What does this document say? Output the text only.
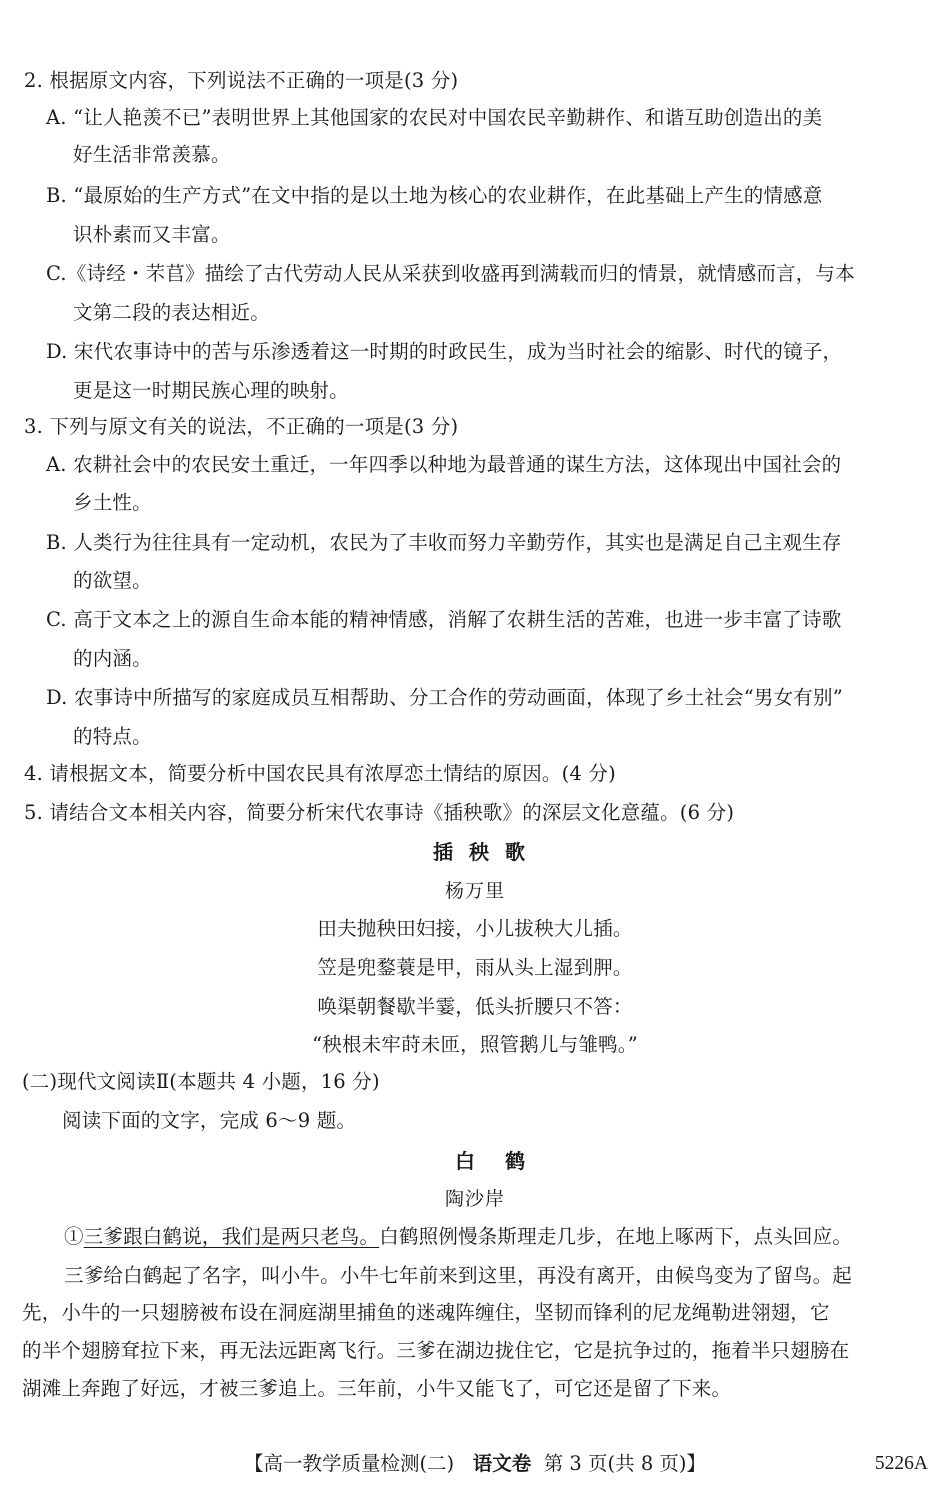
2. 根据原文内容，下列说法不正确的一项是(3 分)
A. “让人艳羡不已”表明世界上其他国家的农民对中国农民辛勤耕作、和谐互助创造出的美
好生活非常羡慕。
B. “最原始的生产方式”在文中指的是以土地为核心的农业耕作，在此基础上产生的情感意
识朴素而又丰富。
C.《诗经・芣苢》描绘了古代劳动人民从采获到收盛再到满载而归的情景，就情感而言，与本
文第二段的表达相近。
D. 宋代农事诗中的苦与乐渗透着这一时期的时政民生，成为当时社会的缩影、时代的镜子，
更是这一时期民族心理的映射。
3. 下列与原文有关的说法，不正确的一项是(3 分)
A. 农耕社会中的农民安土重迁，一年四季以种地为最普通的谋生方法，这体现出中国社会的
乡土性。
B. 人类行为往往具有一定动机，农民为了丰收而努力辛勤劳作，其实也是满足自己主观生存
的欲望。
C. 高于文本之上的源自生命本能的精神情感，消解了农耕生活的苦难，也进一步丰富了诗歌
的内涵。
D. 农事诗中所描写的家庭成员互相帮助、分工合作的劳动画面，体现了乡土社会“男女有别”
的特点。
4. 请根据文本，简要分析中国农民具有浓厚恋土情结的原因。(4 分)
5. 请结合文本相关内容，简要分析宋代农事诗《插秧歌》的深层文化意蕴。(6 分)
插秧歌
杨万里
田夫抛秧田妇接，小儿拔秧大儿插。
笠是兜鍪蓑是甲，雨从头上湿到胛。
唤渠朝餐歇半霎，低头折腰只不答：
“秧根未牢莳未匝，照管鹅儿与雏鸭。”
(二)现代文阅读Ⅱ(本题共 4 小题，16 分)
阅读下面的文字，完成 6～9 题。
白鹤
陶沙岸
①三爹跟白鹤说，我们是两只老鸟。白鹤照例慢条斯理走几步，在地上啄两下，点头回应。
三爹给白鹤起了名字，叫小牛。小牛七年前来到这里，再没有离开，由候鸟变为了留鸟。起
先，小牛的一只翅膀被布设在洞庭湖里捕鱼的迷魂阵缠住，坚韧而锋利的尼龙绳勒进翎翅，它
的半个翅膀耷拉下来，再无法远距离飞行。三爹在湖边拢住它，它是抗争过的，拖着半只翅膀在
湖滩上奔跑了好远，才被三爹追上。三年前，小牛又能飞了，可它还是留了下来。
【高一教学质量检测(二) 语文卷 第 3 页(共 8 页)】	5226A
